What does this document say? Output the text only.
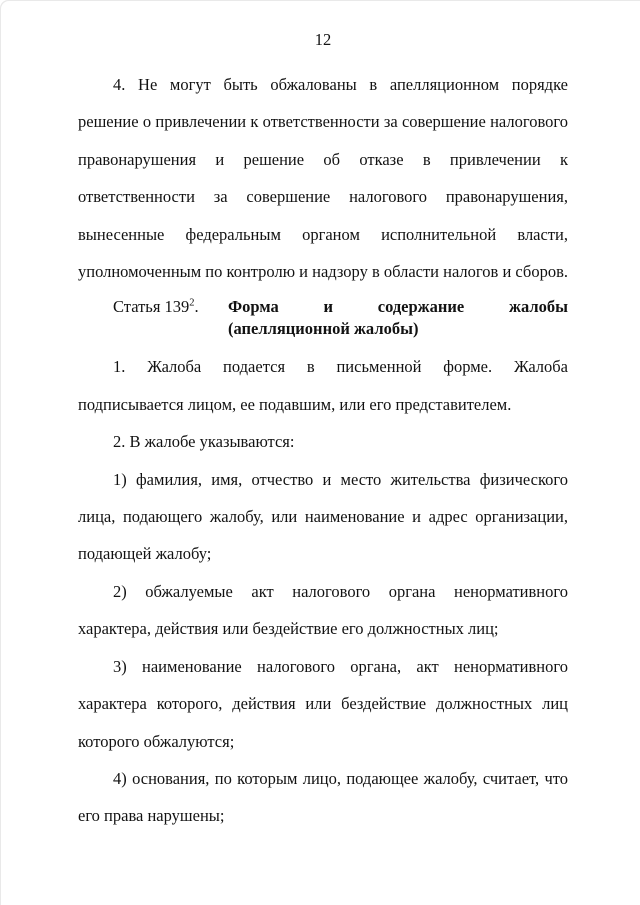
12

4. Не могут быть обжалованы в апелляционном порядке решение о привлечении к ответственности за совершение налогового правонарушения и решение об отказе в привлечении к ответственности за совершение налогового правонарушения, вынесенные федеральным органом исполнительной власти, уполномоченным по контролю и надзору в области налогов и сборов.

Статья $139^2$.	Форма и содержание жалобы (апелляционной жалобы)

1. Жалоба подается в письменной форме. Жалоба подписывается лицом, ее подавшим, или его представителем.

2. В жалобе указываются:

1) фамилия, имя, отчество и место жительства физического лица, подающего жалобу, или наименование и адрес организации, подающей жалобу;

2) обжалуемые акт налогового органа ненормативного характера, действия или бездействие его должностных лиц;

3) наименование налогового органа, акт ненормативного характера которого, действия или бездействие должностных лиц которого обжалуются;

4) основания, по которым лицо, подающее жалобу, считает, что его права нарушены;
